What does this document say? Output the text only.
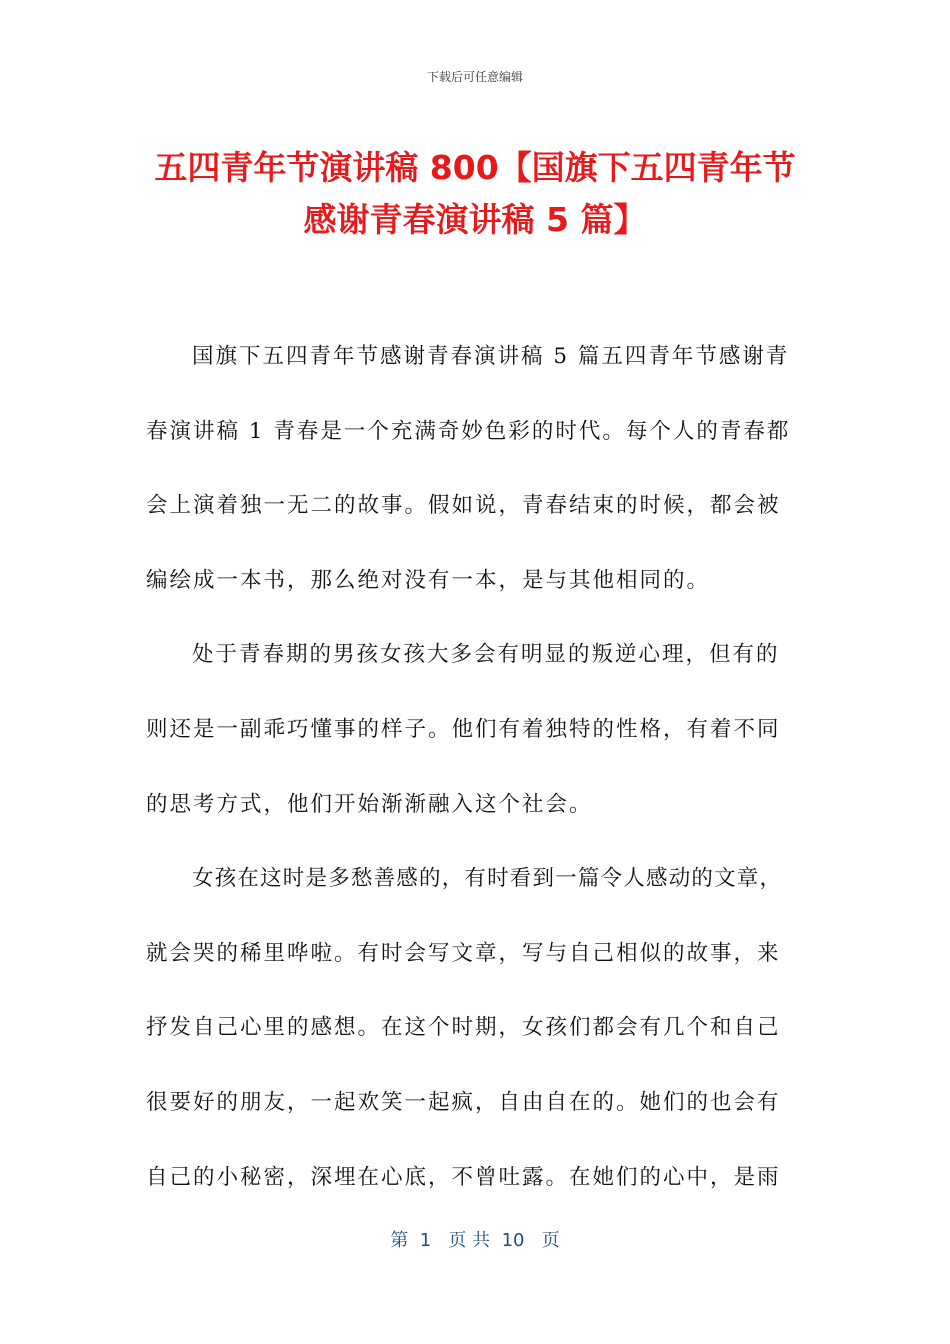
下载后可任意编辑
五四青年节演讲稿 800【国旗下五四青年节
感谢青春演讲稿 5 篇】
国旗下五四青年节感谢青春演讲稿 5 篇五四青年节感谢青
春演讲稿 1 青春是一个充满奇妙色彩的时代。每个人的青春都
会上演着独一无二的故事。假如说，青春结束的时候，都会被
编绘成一本书，那么绝对没有一本，是与其他相同的。
处于青春期的男孩女孩大多会有明显的叛逆心理，但有的
则还是一副乖巧懂事的样子。他们有着独特的性格，有着不同
的思考方式，他们开始渐渐融入这个社会。
女孩在这时是多愁善感的，有时看到一篇令人感动的文章，
就会哭的稀里哗啦。有时会写文章，写与自己相似的故事，来
抒发自己心里的感想。在这个时期，女孩们都会有几个和自己
很要好的朋友，一起欢笑一起疯，自由自在的。她们的也会有
自己的小秘密，深埋在心底，不曾吐露。在她们的心中，是雨
第  1   页 共  10   页
